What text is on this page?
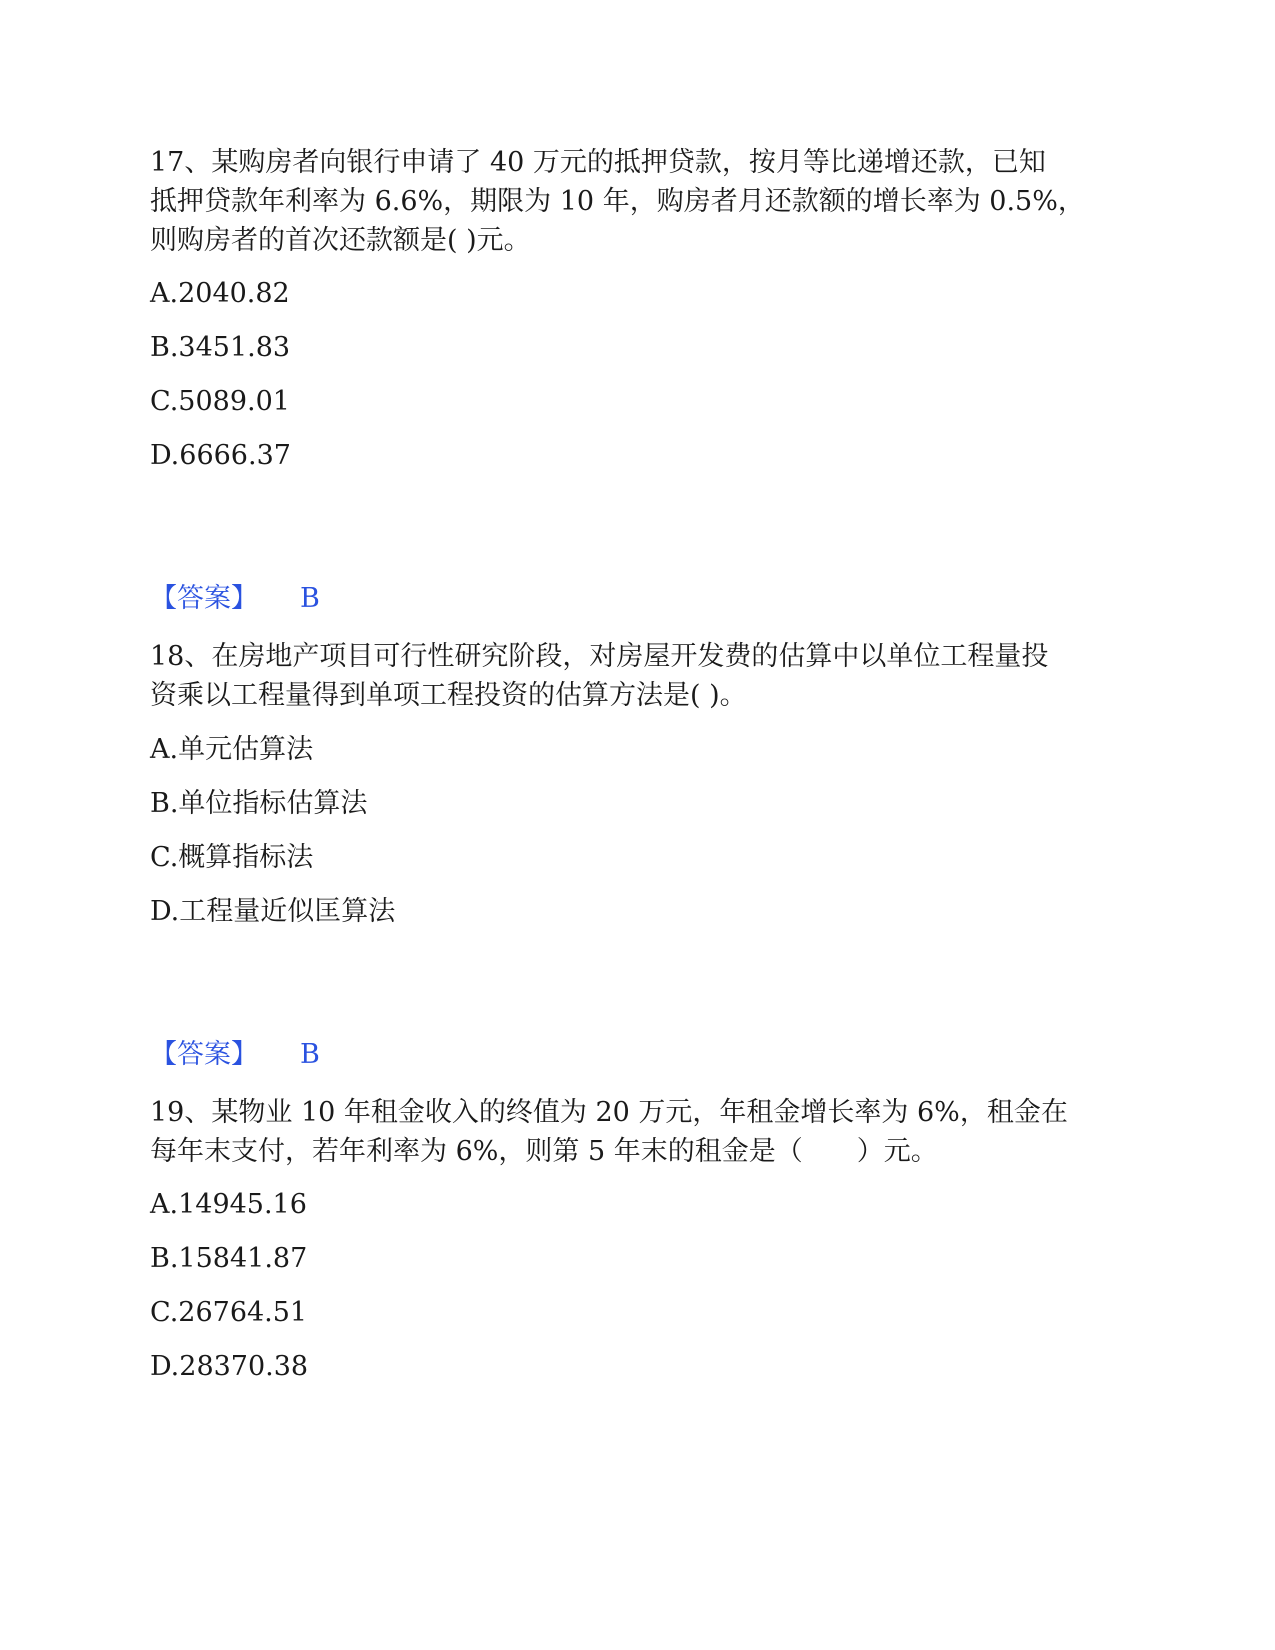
17、某购房者向银行申请了 40 万元的抵押贷款，按月等比递增还款，已知
抵押贷款年利率为 6.6%，期限为 10 年，购房者月还款额的增长率为 0.5%，
则购房者的首次还款额是( )元。
A.2040.82
B.3451.83
C.5089.01
D.6666.37
【答案】 B
18、在房地产项目可行性研究阶段，对房屋开发费的估算中以单位工程量投
资乘以工程量得到单项工程投资的估算方法是( )。
A.单元估算法
B.单位指标估算法
C.概算指标法
D.工程量近似匡算法
【答案】 B
19、某物业 10 年租金收入的终值为 20 万元，年租金增长率为 6%，租金在
每年末支付，若年利率为 6%，则第 5 年末的租金是（　　）元。
A.14945.16
B.15841.87
C.26764.51
D.28370.38
